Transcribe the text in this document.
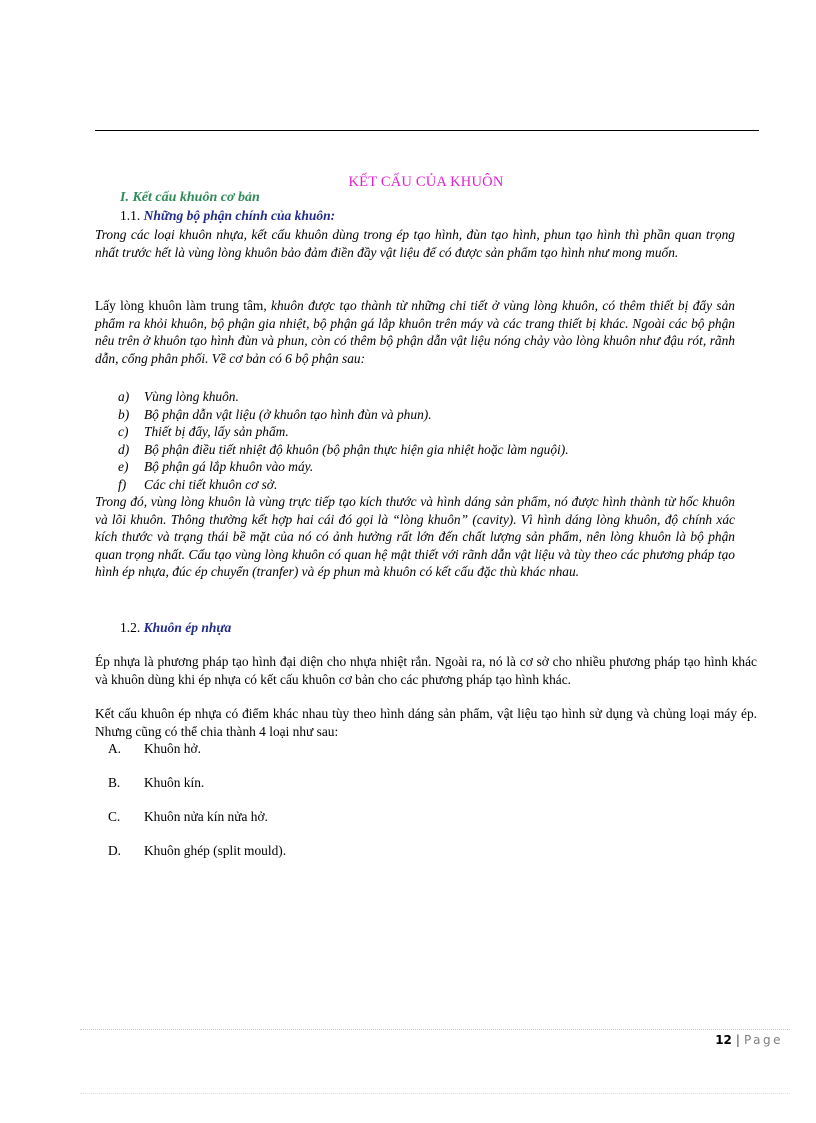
KẾT CẤU CỦA KHUÔN
I. Kết cấu khuôn cơ bản
1.1. Những bộ phận chính của khuôn:
Trong các loại khuôn nhựa, kết cấu khuôn dùng trong ép tạo hình, đùn tạo hình, phun tạo hình thì phần quan trọng nhất trước hết là vùng lòng khuôn bảo đảm điền đầy vật liệu để có được sản phẩm tạo hình như mong muốn.
Lấy lòng khuôn làm trung tâm, khuôn được tạo thành từ những chi tiết ở vùng lòng khuôn, có thêm thiết bị đẩy sản phẩm ra khỏi khuôn, bộ phận gia nhiệt, bộ phận gá lắp khuôn trên máy và các trang thiết bị khác. Ngoài các bộ phận nêu trên ở khuôn tạo hình đùn và phun, còn có thêm bộ phận dẫn vật liệu nóng chảy vào lòng khuôn như đậu rót, rãnh dẫn, cổng phân phối. Về cơ bản có 6 bộ phận sau:
a)	Vùng lòng khuôn.
b)	Bộ phận dẫn vật liệu (ở khuôn tạo hình đùn và phun).
c)	Thiết bị đẩy, lấy sản phẩm.
d)	Bộ phận điều tiết nhiệt độ khuôn (bộ phận thực hiện gia nhiệt hoặc làm nguội).
e)	Bộ phận gá lắp khuôn vào máy.
f)	Các chi tiết khuôn cơ sở.
Trong đó, vùng lòng khuôn là vùng trực tiếp tạo kích thước và hình dáng sản phẩm, nó được hình thành từ hốc khuôn và lõi khuôn. Thông thường kết hợp hai cái đó gọi là “lòng khuôn” (cavity). Vì hình dáng lòng khuôn, độ chính xác kích thước và trạng thái bề mặt của nó có ảnh hưởng rất lớn đến chất lượng sản phẩm, nên lòng khuôn là bộ phận quan trọng nhất. Cấu tạo vùng lòng khuôn có quan hệ mật thiết với rãnh dẫn vật liệu và tùy theo các phương pháp tạo hình ép nhựa, đúc ép chuyển (tranfer) và ép phun mà khuôn có kết cấu đặc thù khác nhau.
1.2. Khuôn ép nhựa
Ép nhựa là phương pháp tạo hình đại diện cho nhựa nhiệt rắn. Ngoài ra, nó là cơ sở cho nhiều phương pháp tạo hình khác và khuôn dùng khi ép nhựa có kết cấu khuôn cơ bản cho các phương pháp tạo hình khác.
Kết cấu khuôn ép nhựa có điểm khác nhau tùy theo hình dáng sản phẩm, vật liệu tạo hình sử dụng và chủng loại máy ép. Nhưng cũng có thể chia thành 4 loại như sau:
A.	Khuôn hở.
B.	Khuôn kín.
C.	Khuôn nửa kín nửa hở.
D.	Khuôn ghép (split mould).
12 | Page
